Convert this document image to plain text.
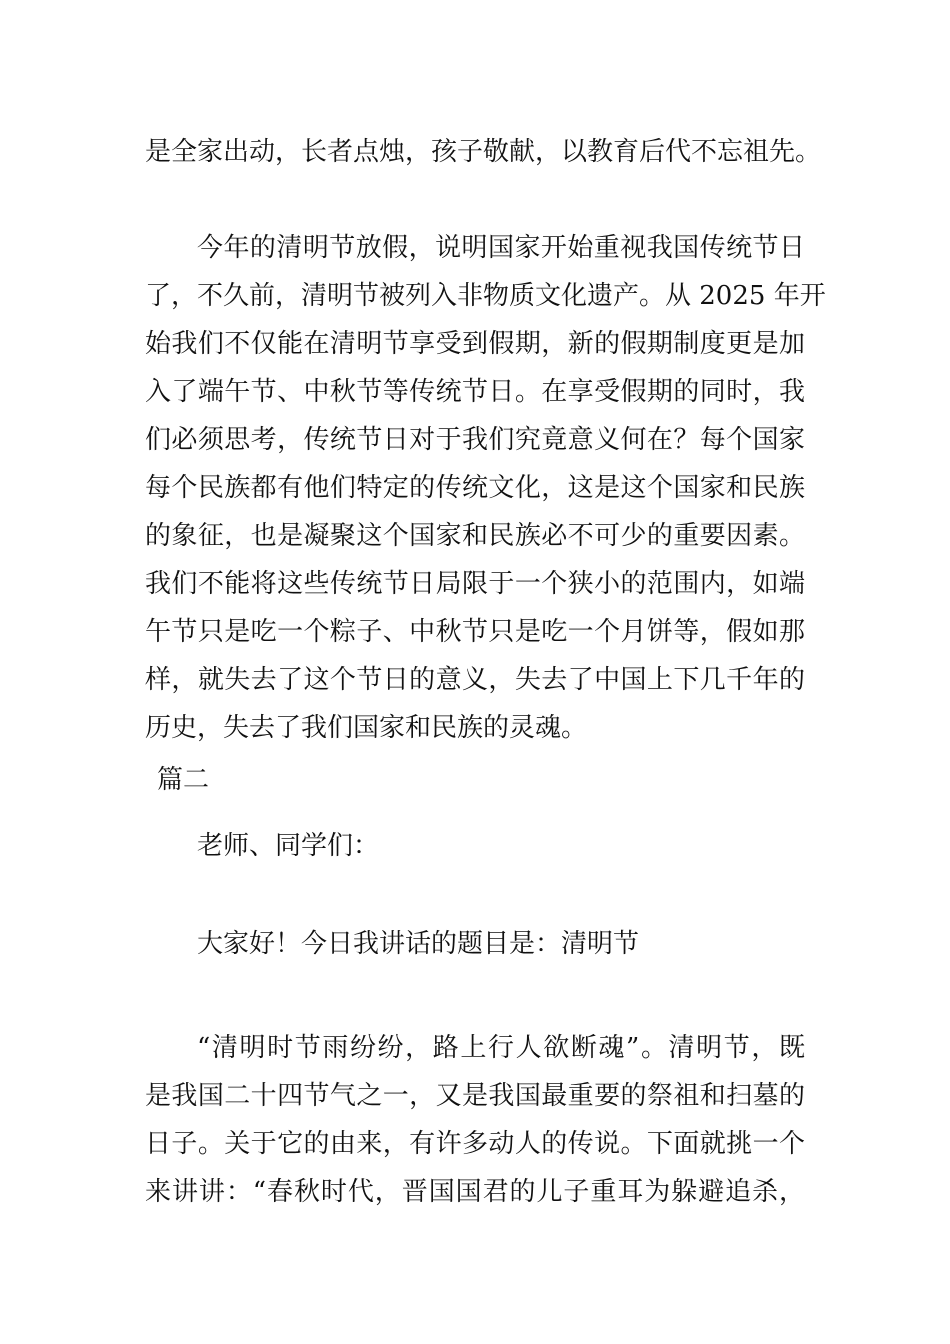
是全家出动，长者点烛，孩子敬献，以教育后代不忘祖先。
今年的清明节放假，说明国家开始重视我国传统节日
了，不久前，清明节被列入非物质文化遗产。从 2025 年开
始我们不仅能在清明节享受到假期，新的假期制度更是加
入了端午节、中秋节等传统节日。在享受假期的同时，我
们必须思考，传统节日对于我们究竟意义何在？每个国家
每个民族都有他们特定的传统文化，这是这个国家和民族
的象征，也是凝聚这个国家和民族必不可少的重要因素。
我们不能将这些传统节日局限于一个狭小的范围内，如端
午节只是吃一个粽子、中秋节只是吃一个月饼等，假如那
样，就失去了这个节日的意义，失去了中国上下几千年的
历史，失去了我们国家和民族的灵魂。
篇二
老师、同学们：
大家好！今日我讲话的题目是：清明节
“清明时节雨纷纷，路上行人欲断魂”。清明节，既
是我国二十四节气之一，又是我国最重要的祭祖和扫墓的
日子。关于它的由来，有许多动人的传说。下面就挑一个
来讲讲：“春秋时代，晋国国君的儿子重耳为躲避追杀，
